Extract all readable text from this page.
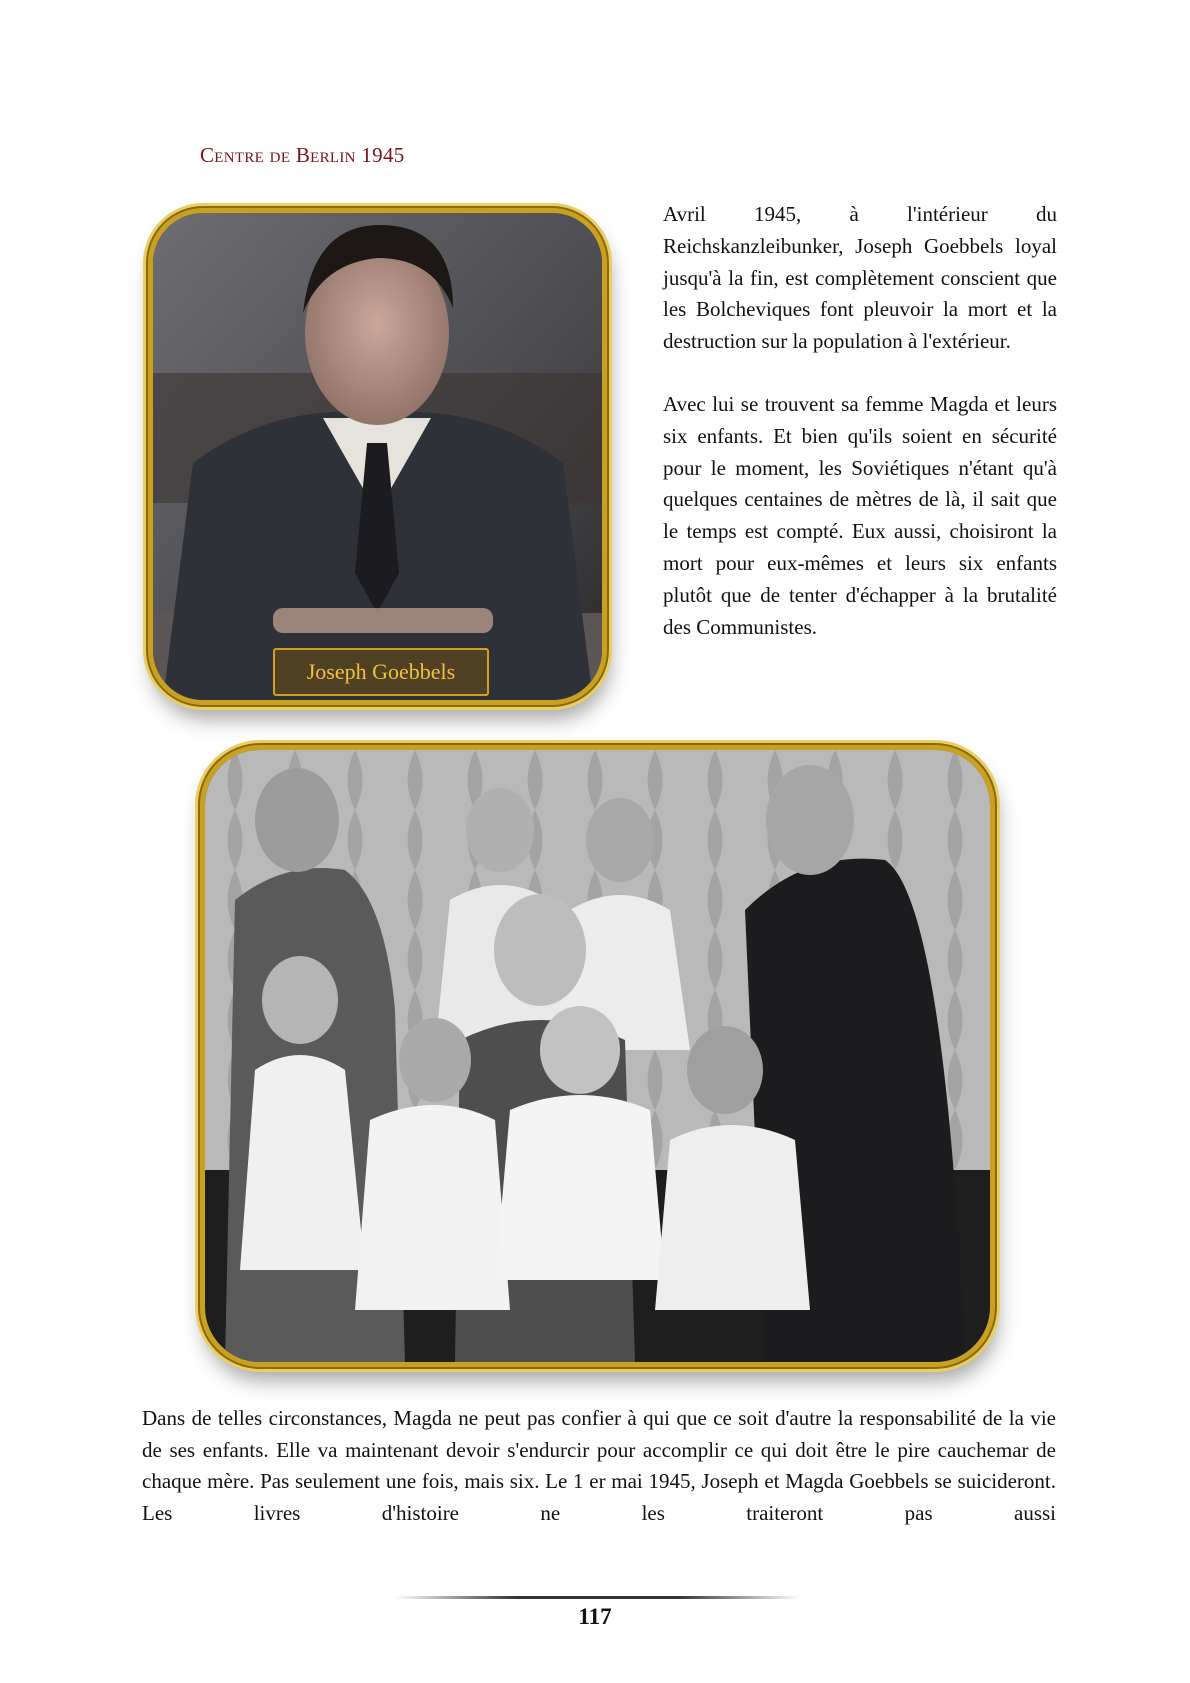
Centre de Berlin 1945
Joseph Goebbels

Avril 1945, à l'intérieur du Reichskanzleibunker, Joseph Goebbels loyal jusqu'à la fin, est complètement conscient que les Bolcheviques font pleuvoir la mort et la destruction sur la population à l'extérieur.

Avec lui se trouvent sa femme Magda et leurs six enfants. Et bien qu'ils soient en sécurité pour le moment, les Soviétiques n'étant qu'à quelques centaines de mètres de là, il sait que le temps est compté. Eux aussi, choisiront la mort pour eux-mêmes et leurs six enfants plutôt que de tenter d'échapper à la brutalité des Communistes.

Dans de telles circonstances, Magda ne peut pas confier à qui que ce soit d'autre la responsabilité de la vie de ses enfants. Elle va maintenant devoir s'endurcir pour accomplir ce qui doit être le pire cauchemar de chaque mère. Pas seulement une fois, mais six. Le 1 er mai 1945, Joseph et Magda Goebbels se suicideront. Les livres d'histoire ne les traiteront pas aussi

117
